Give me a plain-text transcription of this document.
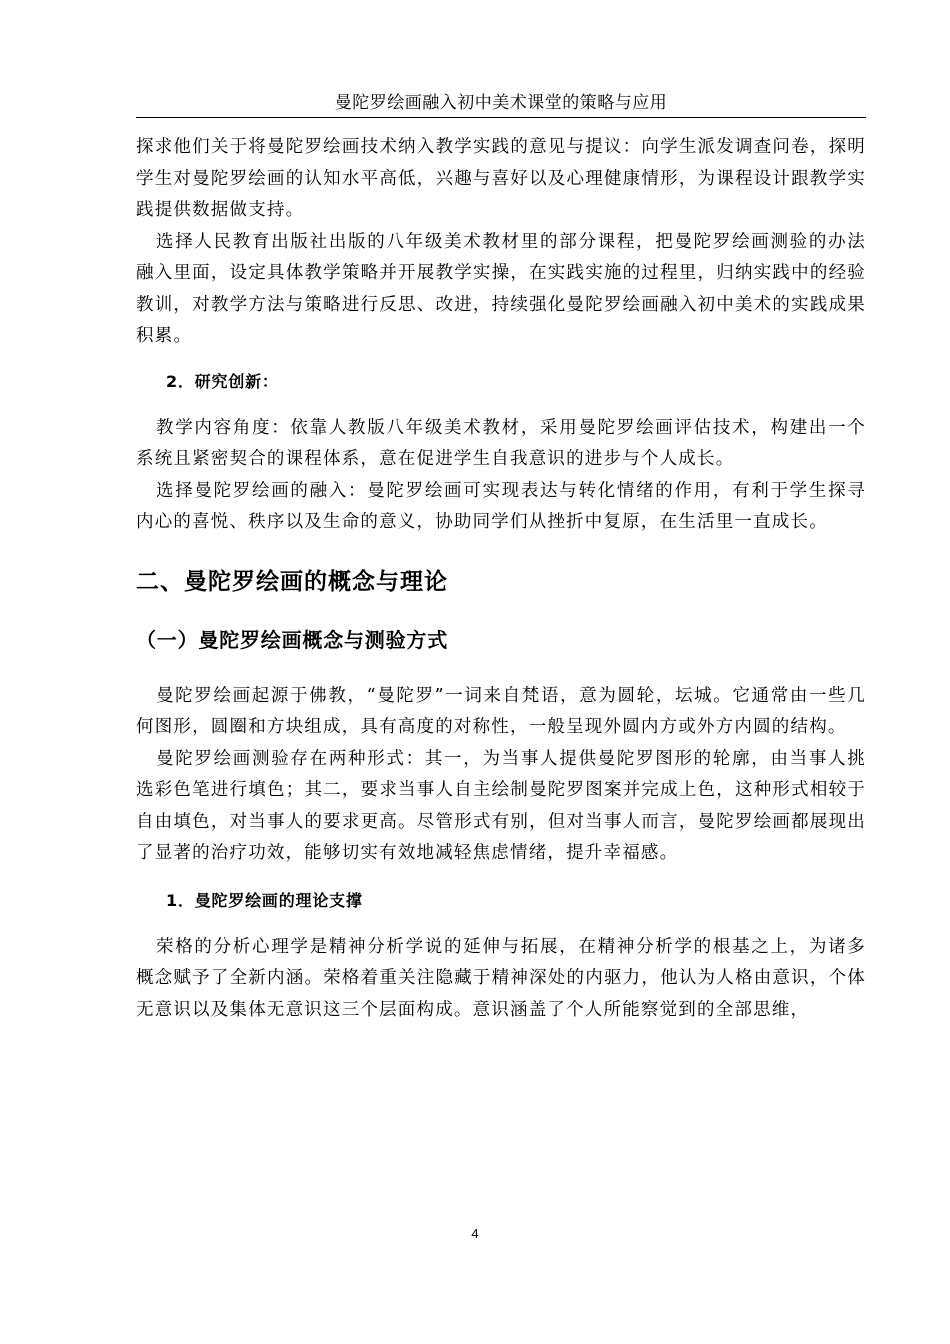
曼陀罗绘画融入初中美术课堂的策略与应用

探求他们关于将曼陀罗绘画技术纳入教学实践的意见与提议：向学生派发调查问卷，探明学生对曼陀罗绘画的认知水平高低，兴趣与喜好以及心理健康情形，为课程设计跟教学实践提供数据做支持。

选择人民教育出版社出版的八年级美术教材里的部分课程，把曼陀罗绘画测验的办法融入里面，设定具体教学策略并开展教学实操，在实践实施的过程里，归纳实践中的经验教训，对教学方法与策略进行反思、改进，持续强化曼陀罗绘画融入初中美术的实践成果积累。

2．研究创新：

教学内容角度：依靠人教版八年级美术教材，采用曼陀罗绘画评估技术，构建出一个系统且紧密契合的课程体系，意在促进学生自我意识的进步与个人成长。

选择曼陀罗绘画的融入：曼陀罗绘画可实现表达与转化情绪的作用，有利于学生探寻内心的喜悦、秩序以及生命的意义，协助同学们从挫折中复原，在生活里一直成长。

二、曼陀罗绘画的概念与理论
（一）曼陀罗绘画概念与测验方式

曼陀罗绘画起源于佛教，“曼陀罗”一词来自梵语，意为圆轮，坛城。它通常由一些几何图形，圆圈和方块组成，具有高度的对称性，一般呈现外圆内方或外方内圆的结构。

曼陀罗绘画测验存在两种形式：其一，为当事人提供曼陀罗图形的轮廓，由当事人挑选彩色笔进行填色；其二，要求当事人自主绘制曼陀罗图案并完成上色，这种形式相较于自由填色，对当事人的要求更高。尽管形式有别，但对当事人而言，曼陀罗绘画都展现出了显著的治疗功效，能够切实有效地减轻焦虑情绪，提升幸福感。

1．曼陀罗绘画的理论支撑

荣格的分析心理学是精神分析学说的延伸与拓展，在精神分析学的根基之上，为诸多概念赋予了全新内涵。荣格着重关注隐藏于精神深处的内驱力，他认为人格由意识，个体无意识以及集体无意识这三个层面构成。意识涵盖了个人所能察觉到的全部思维，

4
